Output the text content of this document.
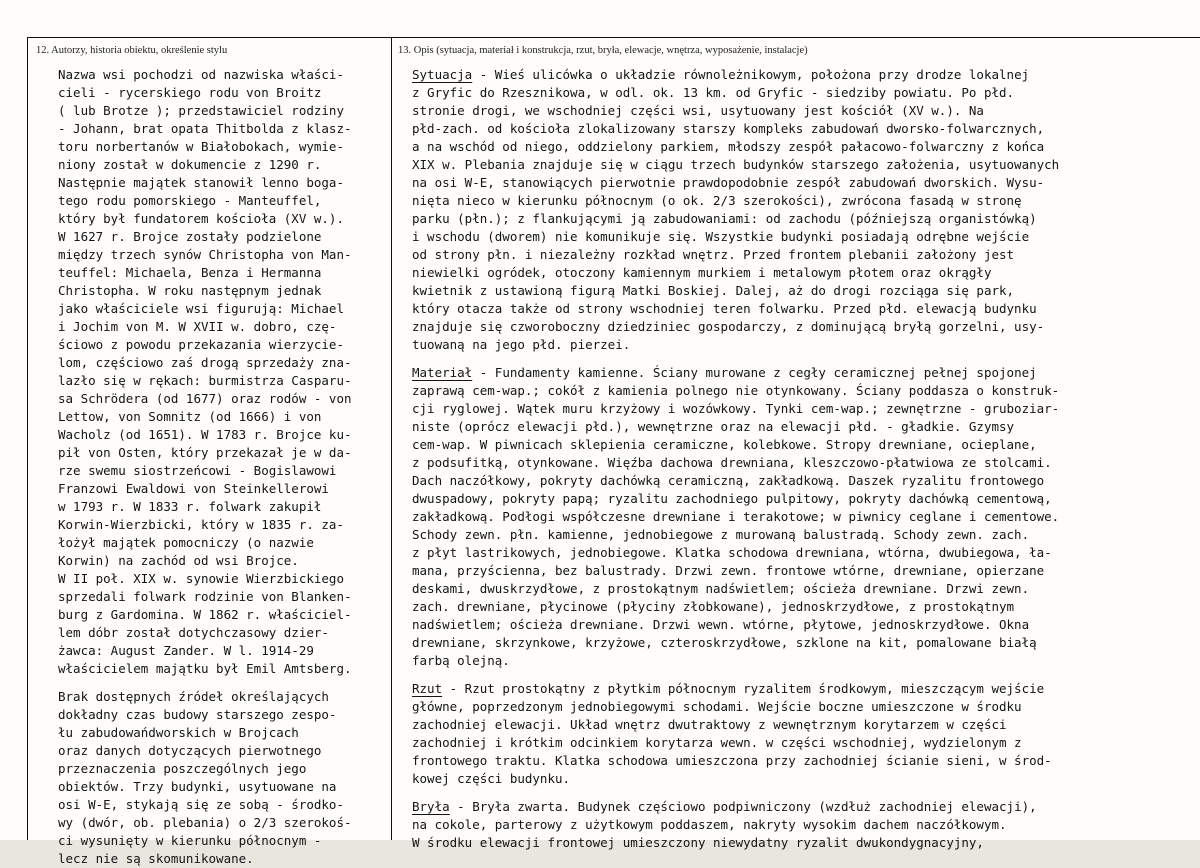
12. Autorzy, historia obiektu, określenie stylu	13. Opis (sytuacja, materiał i konstrukcja, rzut, bryła, elewacje, wnętrza, wyposażenie, instalacje)
Nazwa wsi pochodzi od nazwiska właści-
cieli - rycerskiego rodu von Broitz
( lub Brotze ); przedstawiciel rodziny
- Johann, brat opata Thitbolda z klasz-
toru norbertanów w Białobokach, wymie-
niony został w dokumencie z 1290 r.
Następnie majątek stanowił lenno boga-
tego rodu pomorskiego - Manteuffel,
który był fundatorem kościoła (XV w.).
W 1627 r. Brojce zostały podzielone
między trzech synów Christopha von Man-
teuffel: Michaela, Benza i Hermanna
Christopha. W roku następnym jednak
jako właściciele wsi figurują: Michael
i Jochim von M. W XVII w. dobro, czę-
ściowo z powodu przekazania wierzycie-
lom, częściowo zaś drogą sprzedaży zna-
lazło się w rękach: burmistrza Casparu-
sa Schrödera (od 1677) oraz rodów - von
Lettow, von Somnitz (od 1666) i von
Wacholz (od 1651). W 1783 r. Brojce ku-
pił von Osten, który przekazał je w da-
rze swemu siostrzeńcowi - Bogislawowi
Franzowi Ewaldowi von Steinkellerowi
w 1793 r. W 1833 r. folwark zakupił
Korwin-Wierzbicki, który w 1835 r. za-
łożył majątek pomocniczy (o nazwie
Korwin) na zachód od wsi Brojce.
W II poł. XIX w. synowie Wierzbickiego
sprzedali folwark rodzinie von Blanken-
burg z Gardomina. W 1862 r. właściciel-
lem dóbr został dotychczasowy dzier-
żawca: August Zander. W l. 1914-29
właścicielem majątku był Emil Amtsberg.
Brak dostępnych źródeł określających
dokładny czas budowy starszego zespo-
łu zabudowańdworskich w Brojcach
oraz danych dotyczących pierwotnego
przeznaczenia poszczególnych jego
obiektów. Trzy budynki, usytuowane na
osi W-E, stykają się ze sobą - środko-
wy (dwór, ob. plebania) o 2/3 szerokoś-
ci wysunięty w kierunku północnym -
lecz nie są skomunikowane.
Sytuacja - Wieś ulicówka o układzie równoleżnikowym, położona przy drodze lokalnej
z Gryfic do Rzesznikowa, w odl. ok. 13 km. od Gryfic - siedziby powiatu. Po płd.
stronie drogi, we wschodniej części wsi, usytuowany jest kościół (XV w.). Na
płd-zach. od kościoła zlokalizowany starszy kompleks zabudowań dworsko-folwarcznych,
a na wschód od niego, oddzielony parkiem, młodszy zespół pałacowo-folwarczny z końca
XIX w. Plebania znajduje się w ciągu trzech budynków starszego założenia, usytuowanych
na osi W-E, stanowiących pierwotnie prawdopodobnie zespół zabudowań dworskich. Wysu-
nięta nieco w kierunku północnym (o ok. 2/3 szerokości), zwrócona fasadą w stronę
parku (płn.); z flankującymi ją zabudowaniami: od zachodu (późniejszą organistówką)
i wschodu (dworem) nie komunikuje się. Wszystkie budynki posiadają odrębne wejście
od strony płn. i niezależny rozkład wnętrz. Przed frontem plebanii założony jest
niewielki ogródek, otoczony kamiennym murkiem i metalowym płotem oraz okrągły
kwietnik z ustawioną figurą Matki Boskiej. Dalej, aż do drogi rozciąga się park,
który otacza także od strony wschodniej teren folwarku. Przed płd. elewacją budynku
znajduje się czworoboczny dziedziniec gospodarczy, z dominującą bryłą gorzelni, usy-
tuowaną na jego płd. pierzei.
Materiał - Fundamenty kamienne. Ściany murowane z cegły ceramicznej pełnej spojonej
zaprawą cem-wap.; cokół z kamienia polnego nie otynkowany. Ściany poddasza o konstruk-
cji ryglowej. Wątek muru krzyżowy i wozówkowy. Tynki cem-wap.; zewnętrzne - gruboziar-
niste (oprócz elewacji płd.), wewnętrzne oraz na elewacji płd. - gładkie. Gzymsy
cem-wap. W piwnicach sklepienia ceramiczne, kolebkowe. Stropy drewniane, ocieplane,
z podsufitką, otynkowane. Więźba dachowa drewniana, kleszczowo-płatwiowa ze stolcami.
Dach naczółkowy, pokryty dachówką ceramiczną, zakładkową. Daszek ryzalitu frontowego
dwuspadowy, pokryty papą; ryzalitu zachodniego pulpitowy, pokryty dachówką cementową,
zakładkową. Podłogi współczesne drewniane i terakotowe; w piwnicy ceglane i cementowe.
Schody zewn. płn. kamienne, jednobiegowe z murowaną balustradą. Schody zewn. zach.
z płyt lastrikowych, jednobiegowe. Klatka schodowa drewniana, wtórna, dwubiegowa, ła-
mana, przyścienna, bez balustrady. Drzwi zewn. frontowe wtórne, drewniane, opierzane
deskami, dwuskrzydłowe, z prostokątnym nadświetlem; ościeża drewniane. Drzwi zewn.
zach. drewniane, płycinowe (płyciny złobkowane), jednoskrzydłowe, z prostokątnym
nadświetlem; ościeża drewniane. Drzwi wewn. wtórne, płytowe, jednoskrzydłowe. Okna
drewniane, skrzynkowe, krzyżowe, czteroskrzydłowe, szklone na kit, pomalowane białą
farbą olejną.
Rzut - Rzut prostokątny z płytkim północnym ryzalitem środkowym, mieszczącym wejście
główne, poprzedzonym jednobiegowymi schodami. Wejście boczne umieszczone w środku
zachodniej elewacji. Układ wnętrz dwutraktowy z wewnętrznym korytarzem w części
zachodniej i krótkim odcinkiem korytarza wewn. w części wschodniej, wydzielonym z
frontowego traktu. Klatka schodowa umieszczona przy zachodniej ścianie sieni, w środ-
kowej części budynku.
Bryła - Bryła zwarta. Budynek częściowo podpiwniczony (wzdłuż zachodniej elewacji),
na cokole, parterowy z użytkowym poddaszem, nakryty wysokim dachem naczółkowym.
W środku elewacji frontowej umieszczony niewydatny ryzalit dwukondygnacyjny,
